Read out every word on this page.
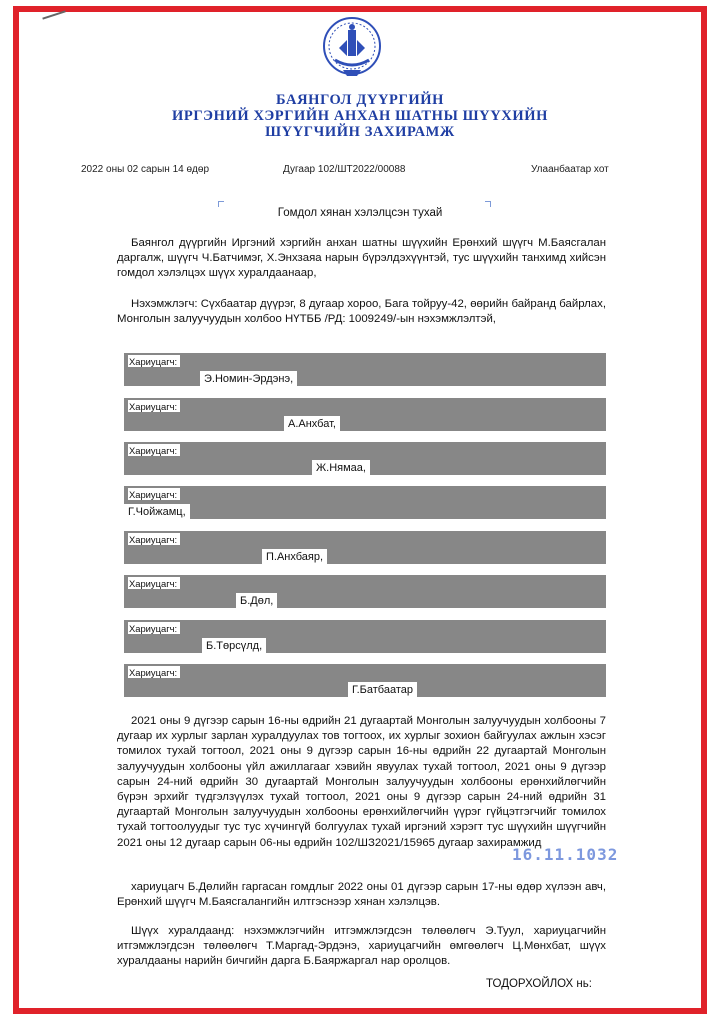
БАЯНГОЛ ДҮҮРГИЙН
ИРГЭНИЙ ХЭРГИЙН АНХАН ШАТНЫ ШҮҮХИЙН
ШҮҮГЧИЙН ЗАХИРАМЖ
2022 оны 02 сарын 14 өдөр	Дугаар 102/ШТ2022/00088	Улаанбаатар хот
Гомдол хянан хэлэлцсэн тухай

Баянгол дүүргийн Иргэний хэргийн анхан шатны шүүхийн Ерөнхий шүүгч М.Баясгалан даргалж, шүүгч Ч.Батчимэг, Х.Энхзаяа нарын бүрэлдэхүүнтэй, тус шүүхийн танхимд хийсэн гомдол хэлэлцэх шүүх хуралдаанаар,

Нэхэмжлэгч: Сүхбаатар дүүрэг, 8 дугаар хороо, Бага тойруу-42, өөрийн байранд байрлах, Монголын залуучуудын холбоо НҮТББ /РД: 1009249/-ын нэхэмжлэлтэй,

Хариуцагч:
Э.Номин-Эрдэнэ,
Хариуцагч:
А.Анхбат,
Хариуцагч:
Ж.Нямаа,
Хариуцагч:
Г.Чойжамц,
Хариуцагч:
П.Анхбаяр,
Хариуцагч:
Б.Дөл,
Хариуцагч:
Б.Төрсүлд,
Хариуцагч:
Г.Батбаатар

2021 оны 9 дүгээр сарын 16-ны өдрийн 21 дугаартай Монголын залуучуудын холбооны 7 дугаар их хурлыг зарлан хуралдуулах тов тогтоох, их хурлыг зохион байгуулах ажлын хэсэг томилох тухай тогтоол, 2021 оны 9 дүгээр сарын 16-ны өдрийн 22 дугаартай Монголын залуучуудын холбооны үйл ажиллагааг хэвийн явуулах тухай тогтоол, 2021 оны 9 дүгээр сарын 24-ний өдрийн 30 дугаартай Монголын залуучуудын холбооны ерөнхийлөгчийн бүрэн эрхийг түдгэлзүүлэх тухай тогтоол, 2021 оны 9 дүгээр сарын 24-ний өдрийн 31 дугаартай Монголын залуучуудын холбооны ерөнхийлөгчийн үүрэг гүйцэтгэгчийг томилох тухай тогтоолуудыг тус тус хүчингүй болгуулах тухай иргэний хэрэгт тус шүүхийн шүүгчийн 2021 оны 12 дугаар сарын 06-ны өдрийн 102/ШЗ2021/15965 дугаар захирамжид

16.11.1032

хариуцагч Б.Дөлийн гаргасан гомдлыг 2022 оны 01 дүгээр сарын 17-ны өдөр хүлээн авч, Ерөнхий шүүгч М.Баясгалангийн илтгэснээр хянан хэлэлцэв.

Шүүх хуралдаанд: нэхэмжлэгчийн итгэмжлэгдсэн төлөөлөгч Э.Туул, хариуцагчийн итгэмжлэгдсэн төлөөлөгч Т.Маргад-Эрдэнэ, хариуцагчийн өмгөөлөгч Ц.Мөнхбат, шүүх хуралдааны нарийн бичгийн дарга Б.Баяржаргал нар оролцов.

ТОДОРХОЙЛОХ нь:
